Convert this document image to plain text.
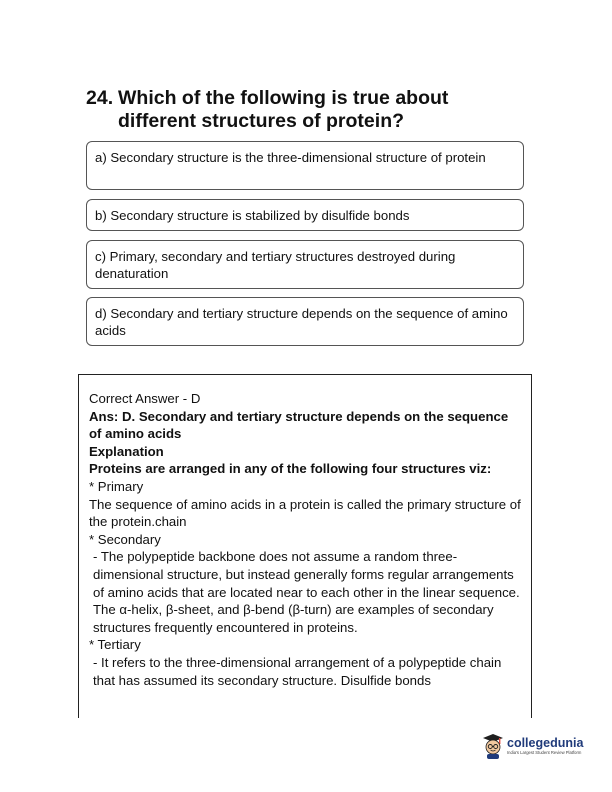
24. Which of the following is true about different structures of protein?
a) Secondary structure is the three-dimensional structure of protein
b) Secondary structure is stabilized by disulfide bonds
c) Primary, secondary and tertiary structures destroyed during denaturation
d) Secondary and tertiary structure depends on the sequence of amino acids

Correct Answer - D

Ans: D. Secondary and tertiary structure depends on the sequence of amino acids

Explanation

Proteins are arranged in any of the following four structures viz:

* Primary

The sequence of amino acids in a protein is called the primary structure of the protein.chain

* Secondary

- The polypeptide backbone does not assume a random three-dimensional structure, but instead generally forms regular arrangements of amino acids that are located near to each other in the linear sequence. The α-helix, β-sheet, and β-bend (β-turn) are examples of secondary structures frequently encountered in proteins.

* Tertiary

- It refers to the three-dimensional arrangement of a polypeptide chain that has assumed its secondary structure. Disulfide bonds

collegedunia
India's Largest Student Review Platform
